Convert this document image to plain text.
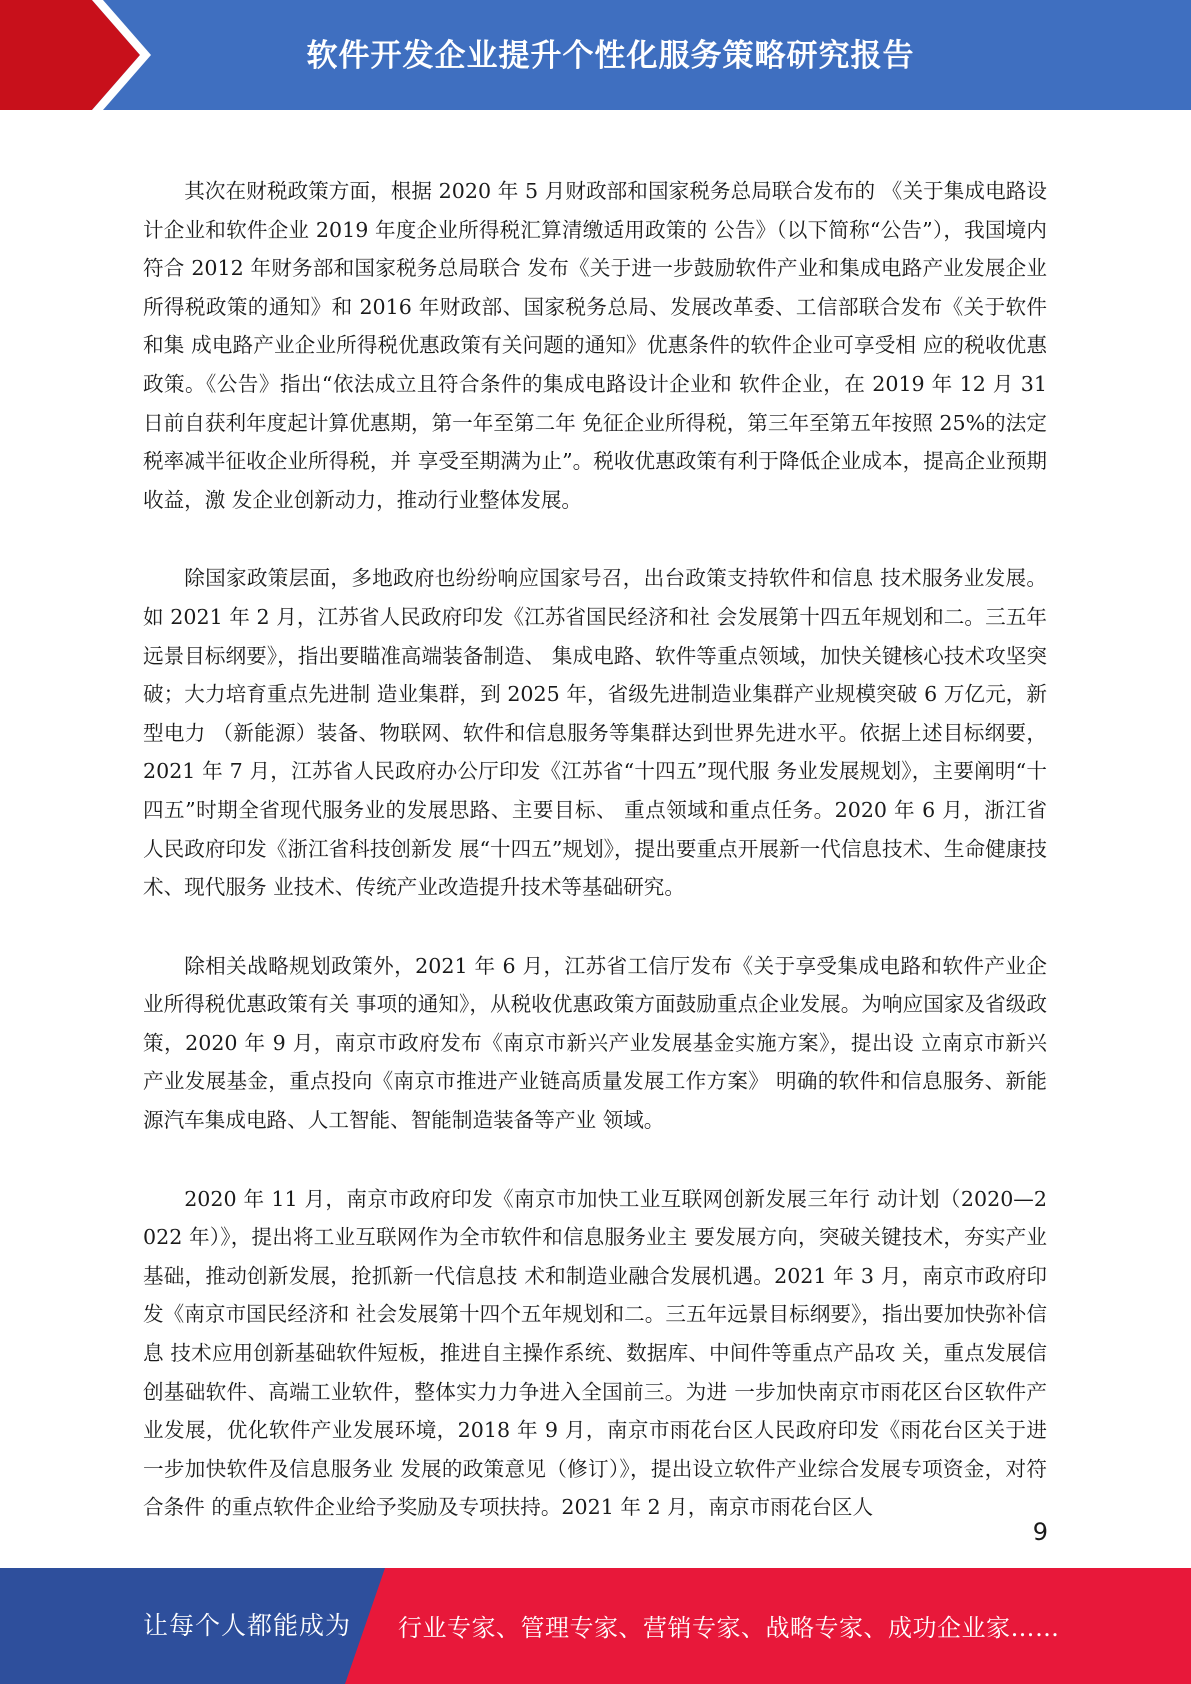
软件开发企业提升个性化服务策略研究报告

其次在财税政策方面，根据 2020 年 5 月财政部和国家税务总局联合发布的 《关于集成电路设计企业和软件企业 2019 年度企业所得税汇算清缴适用政策的 公告》（以下简称“公告”），我国境内符合 2012 年财务部和国家税务总局联合 发布《关于进一步鼓励软件产业和集成电路产业发展企业所得税政策的通知》和 2016 年财政部、国家税务总局、发展改革委、工信部联合发布《关于软件和集 成电路产业企业所得税优惠政策有关问题的通知》优惠条件的软件企业可享受相 应的税收优惠政策。《公告》指出“依法成立且符合条件的集成电路设计企业和 软件企业，在 2019 年 12 月 31 日前自获利年度起计算优惠期，第一年至第二年 免征企业所得税，第三年至第五年按照 25%的法定税率减半征收企业所得税，并 享受至期满为止”。税收优惠政策有利于降低企业成本，提高企业预期收益，激 发企业创新动力，推动行业整体发展。

除国家政策层面，多地政府也纷纷响应国家号召，出台政策支持软件和信息 技术服务业发展。如 2021 年 2 月，江苏省人民政府印发《江苏省国民经济和社 会发展第十四五年规划和二。三五年远景目标纲要》，指出要瞄准高端装备制造、 集成电路、软件等重点领域，加快关键核心技术攻坚突破；大力培育重点先进制 造业集群，到 2025 年，省级先进制造业集群产业规模突破 6 万亿元，新型电力 （新能源）装备、物联网、软件和信息服务等集群达到世界先进水平。依据上述目标纲要，2021 年 7 月，江苏省人民政府办公厅印发《江苏省“十四五”现代服 务业发展规划》，主要阐明“十四五”时期全省现代服务业的发展思路、主要目标、 重点领域和重点任务。2020 年 6 月，浙江省人民政府印发《浙江省科技创新发 展“十四五”规划》，提出要重点开展新一代信息技术、生命健康技术、现代服务 业技术、传统产业改造提升技术等基础研究。

除相关战略规划政策外，2021 年 6 月，江苏省工信厅发布《关于享受集成电路和软件产业企业所得税优惠政策有关 事项的通知》，从税收优惠政策方面鼓励重点企业发展。为响应国家及省级政策，2020 年 9 月，南京市政府发布《南京市新兴产业发展基金实施方案》，提出设 立南京市新兴产业发展基金，重点投向《南京市推进产业链高质量发展工作方案》 明确的软件和信息服务、新能源汽车集成电路、人工智能、智能制造装备等产业 领域。

2020 年 11 月，南京市政府印发《南京市加快工业互联网创新发展三年行 动计划（2020—2022 年）》，提出将工业互联网作为全市软件和信息服务业主 要发展方向，突破关键技术，夯实产业基础，推动创新发展，抢抓新一代信息技 术和制造业融合发展机遇。2021 年 3 月，南京市政府印发《南京市国民经济和 社会发展第十四个五年规划和二。三五年远景目标纲要》，指出要加快弥补信息 技术应用创新基础软件短板，推进自主操作系统、数据库、中间件等重点产品攻 关，重点发展信创基础软件、高端工业软件，整体实力力争进入全国前三。为进 一步加快南京市雨花区台区软件产业发展，优化软件产业发展环境，2018 年 9 月，南京市雨花台区人民政府印发《雨花台区关于进一步加快软件及信息服务业 发展的政策意见（修订）》，提出设立软件产业综合发展专项资金，对符合条件 的重点软件企业给予奖励及专项扶持。2021 年 2 月，南京市雨花台区人

9
让每个人都能成为 行业专家、管理专家、营销专家、战略专家、成功企业家……
